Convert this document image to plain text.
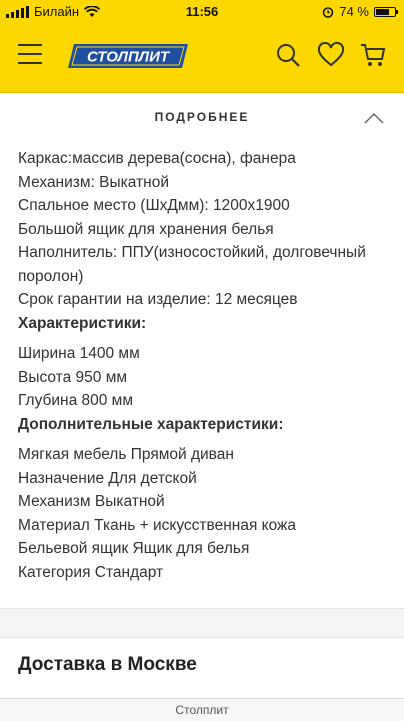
Билайн	11:56	74 %
СТОЛПЛИТ
ПОДРОБНЕЕ

Каркас:массив дерева(сосна), фанера

Механизм: Выкатной

Спальное место (ШхДмм): 1200х1900

Большой ящик для хранения белья

Наполнитель: ППУ(износостойкий, долговечный

поролон)

Срок гарантии на изделие: 12 месяцев

Характеристики:

Ширина 1400 мм

Высота 950 мм

Глубина 800 мм

Дополнительные характеристики:

Мягкая мебель Прямой диван

Назначение Для детской

Механизм Выкатной

Материал Ткань + искусственная кожа

Бельевой ящик Ящик для белья

Категория Стандарт

Доставка в Москве
Столплит
